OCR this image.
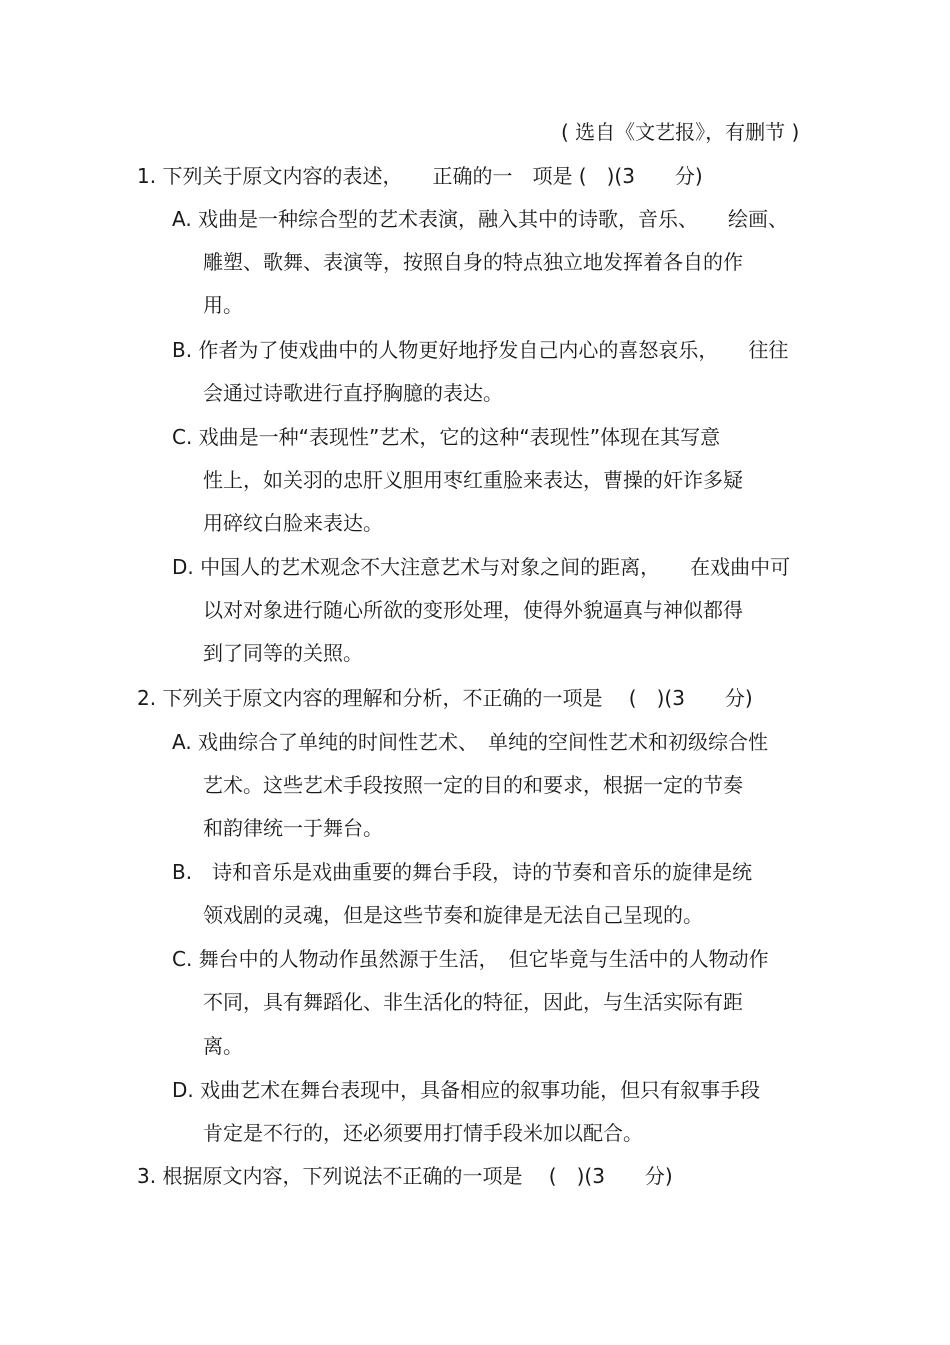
( 选自《文艺报》，有删节 )
1. 下列关于原文内容的表述，　　正确的一　项是 (　)(3　　分)
A. 戏曲是一种综合型的艺术表演，融入其中的诗歌，音乐、　　绘画、
雕塑、歌舞、表演等，按照自身的特点独立地发挥着各自的作
用。
B. 作者为了使戏曲中的人物更好地抒发自己内心的喜怒哀乐，　　往往
会通过诗歌进行直抒胸臆的表达。
C. 戏曲是一种“表现性”艺术，它的这种“表现性”体现在其写意
性上，如关羽的忠肝义胆用枣红重脸来表达，曹操的奸诈多疑
用碎纹白脸来表达。
D. 中国人的艺术观念不大注意艺术与对象之间的距离，　　在戏曲中可
以对对象进行随心所欲的变形处理，使得外貌逼真与神似都得
到了同等的关照。
2. 下列关于原文内容的理解和分析，不正确的一项是　 (　)(3　　分)
A. 戏曲综合了单纯的时间性艺术、　单纯的空间性艺术和初级综合性
艺术。这些艺术手段按照一定的目的和要求，根据一定的节奏
和韵律统一于舞台。
B.　诗和音乐是戏曲重要的舞台手段，诗的节奏和音乐的旋律是统
领戏剧的灵魂，但是这些节奏和旋律是无法自己呈现的。
C. 舞台中的人物动作虽然源于生活，　但它毕竟与生活中的人物动作
不同，具有舞蹈化、非生活化的特征，因此，与生活实际有距
离。
D. 戏曲艺术在舞台表现中，具备相应的叙事功能，但只有叙事手段
肯定是不行的，还必须要用打情手段米加以配合。
3. 根据原文内容，下列说法不正确的一项是　 (　)(3　　分)
